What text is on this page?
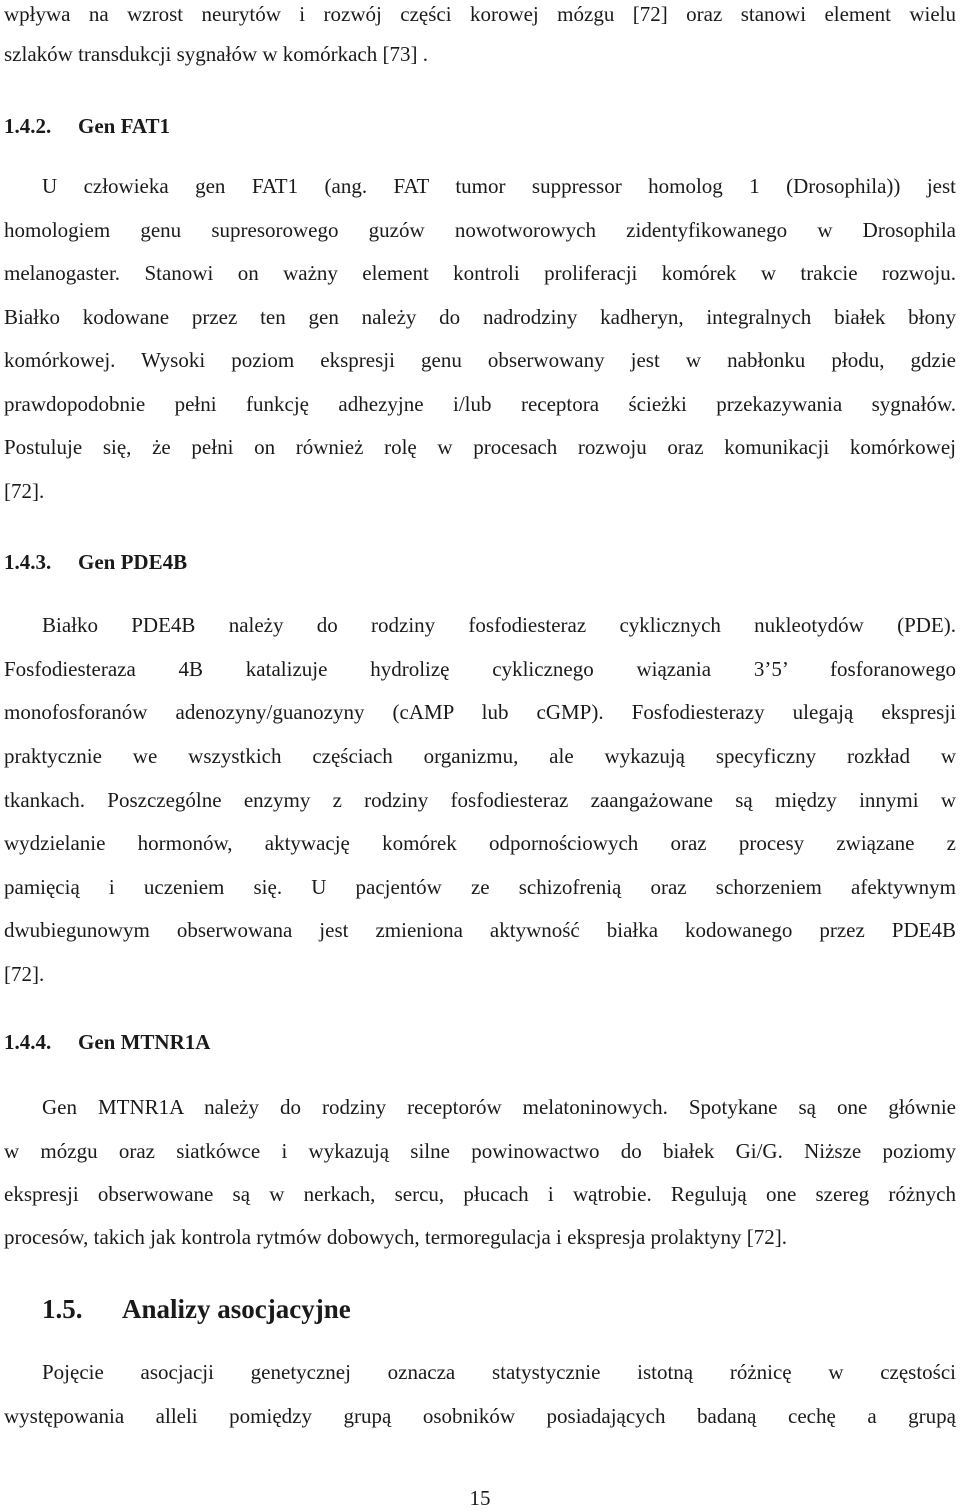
wpływa na wzrost neurytów i rozwój części korowej mózgu [72] oraz stanowi element wielu

szlaków transdukcji sygnałów w komórkach [73] .

1.4.2. Gen FAT1

U człowieka gen FAT1 (ang. FAT tumor suppressor homolog 1 (Drosophila)) jest

homologiem genu supresorowego guzów nowotworowych zidentyfikowanego w Drosophila

melanogaster. Stanowi on ważny element kontroli proliferacji komórek w trakcie rozwoju.

Białko kodowane przez ten gen należy do nadrodziny kadheryn, integralnych białek błony

komórkowej. Wysoki poziom ekspresji genu obserwowany jest w nabłonku płodu, gdzie

prawdopodobnie pełni funkcję adhezyjne i/lub receptora ścieżki przekazywania sygnałów.

Postuluje się, że pełni on również rolę w procesach rozwoju oraz komunikacji komórkowej

[72].

1.4.3. Gen PDE4B

Białko PDE4B należy do rodziny fosfodiesteraz cyklicznych nukleotydów (PDE).

Fosfodiesteraza 4B katalizuje hydrolizę cyklicznego wiązania 3’5’ fosforanowego

monofosforanów adenozyny/guanozyny (cAMP lub cGMP). Fosfodiesterazy ulegają ekspresji

praktycznie we wszystkich częściach organizmu, ale wykazują specyficzny rozkład w

tkankach. Poszczególne enzymy z rodziny fosfodiesteraz zaangażowane są między innymi w

wydzielanie hormonów, aktywację komórek odpornościowych oraz procesy związane z

pamięcią i uczeniem się. U pacjentów ze schizofrenią oraz schorzeniem afektywnym

dwubiegunowym obserwowana jest zmieniona aktywność białka kodowanego przez PDE4B

[72].

1.4.4. Gen MTNR1A

Gen MTNR1A należy do rodziny receptorów melatoninowych. Spotykane są one głównie

w mózgu oraz siatkówce i wykazują silne powinowactwo do białek Gi/G. Niższe poziomy

ekspresji obserwowane są w nerkach, sercu, płucach i wątrobie. Regulują one szereg różnych

procesów, takich jak kontrola rytmów dobowych, termoregulacja i ekspresja prolaktyny [72].

1.5. Analizy asocjacyjne

Pojęcie asocjacji genetycznej oznacza statystycznie istotną różnicę w częstości

występowania alleli pomiędzy grupą osobników posiadających badaną cechę a grupą

15
